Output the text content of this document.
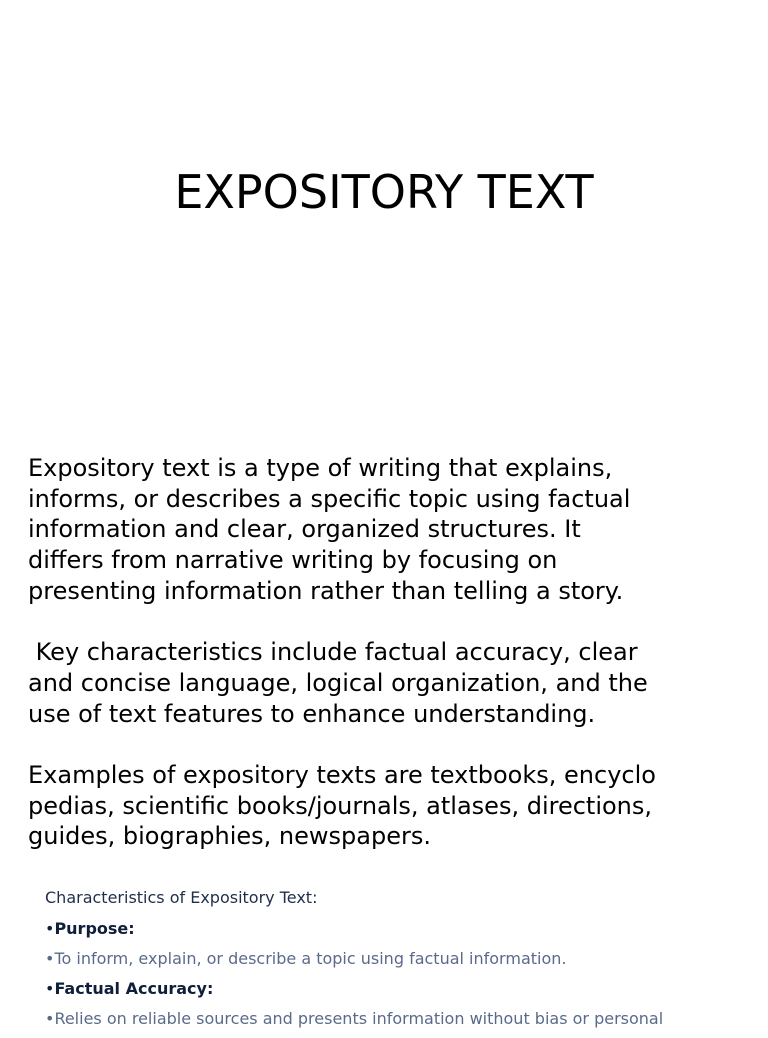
EXPOSITORY TEXT

Expository text is a type of writing that explains,
informs, or describes a specific topic using factual
information and clear, organized structures. It
differs from narrative writing by focusing on
presenting information rather than telling a story.

Key characteristics include factual accuracy, clear
and concise language, logical organization, and the
use of text features to enhance understanding.

Examples of expository texts are textbooks, encyclo
pedias, scientific books/journals, atlases, directions,
guides, biographies, newspapers.

Characteristics of Expository Text:
•Purpose:
•To inform, explain, or describe a topic using factual information.
•Factual Accuracy:
•Relies on reliable sources and presents information without bias or personal
